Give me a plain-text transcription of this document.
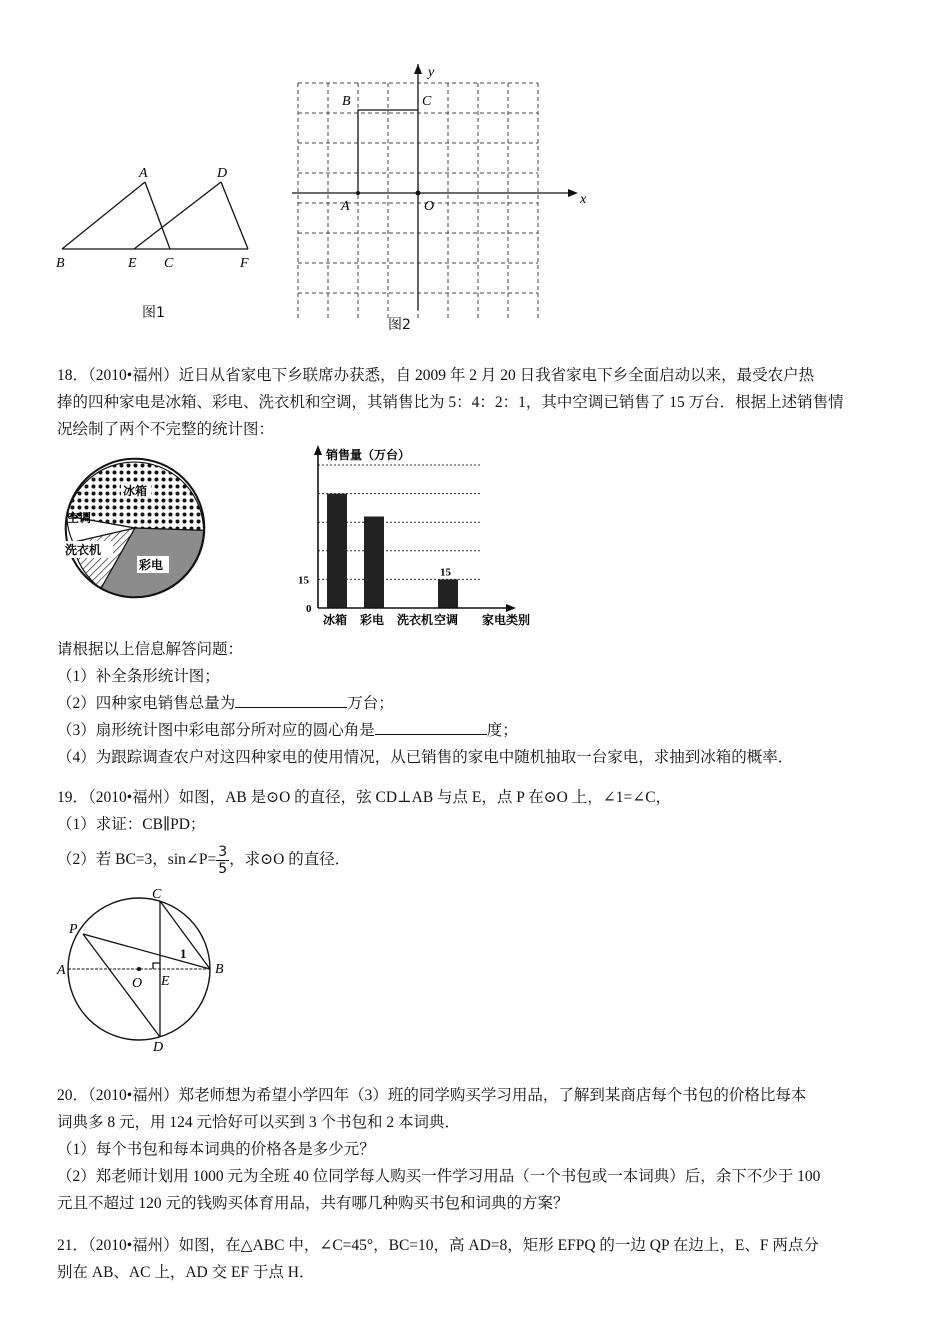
A	D
B	E C	F
图1
y
x
B	C
A	O
图2
18．（2010•福州）近日从省家电下乡联席办获悉，自 2009 年 2 月 20 日我省家电下乡全面启动以来，最受农户热
捧的四种家电是冰箱、彩电、洗衣机和空调，其销售比为 5：4：2：1，其中空调已销售了 15 万台．根据上述销售情
况绘制了两个不完整的统计图：
冰箱
空调
洗衣机
彩电
冰箱 彩电 洗衣机 空调
15
0
15
销售量（万台）
家电类别
请根据以上信息解答问题：
（1）补全条形统计图；
（2）四种家电销售总量为	万台；
（3）扇形统计图中彩电部分所对应的圆心角是	度；
（4）为跟踪调查农户对这四种家电的使用情况，从已销售的家电中随机抽取一台家电，求抽到冰箱的概率．
19．（2010•福州）如图，AB 是⊙O 的直径，弦 CD⊥AB 与点 E，点 P 在⊙O 上，∠1=∠C，
（1）求证：CB∥PD；
（2）若 BC=3，sin∠P= $\frac{3}{5}$ ，求⊙O 的直径．
C
P
A
O E
B
D
1
20．（2010•福州）郑老师想为希望小学四年（3）班的同学购买学习用品，了解到某商店每个书包的价格比每本
词典多 8 元，用 124 元恰好可以买到 3 个书包和 2 本词典．
（1）每个书包和每本词典的价格各是多少元？
（2）郑老师计划用 1000 元为全班 40 位同学每人购买一件学习用品（一个书包或一本词典）后，余下不少于 100
元且不超过 120 元的钱购买体育用品，共有哪几种购买书包和词典的方案？
21．（2010•福州）如图，在△ABC 中，∠C=45°，BC=10，高 AD=8，矩形 EFPQ 的一边 QP 在边上，E、F 两点分
别在 AB、AC 上，AD 交 EF 于点 H．
